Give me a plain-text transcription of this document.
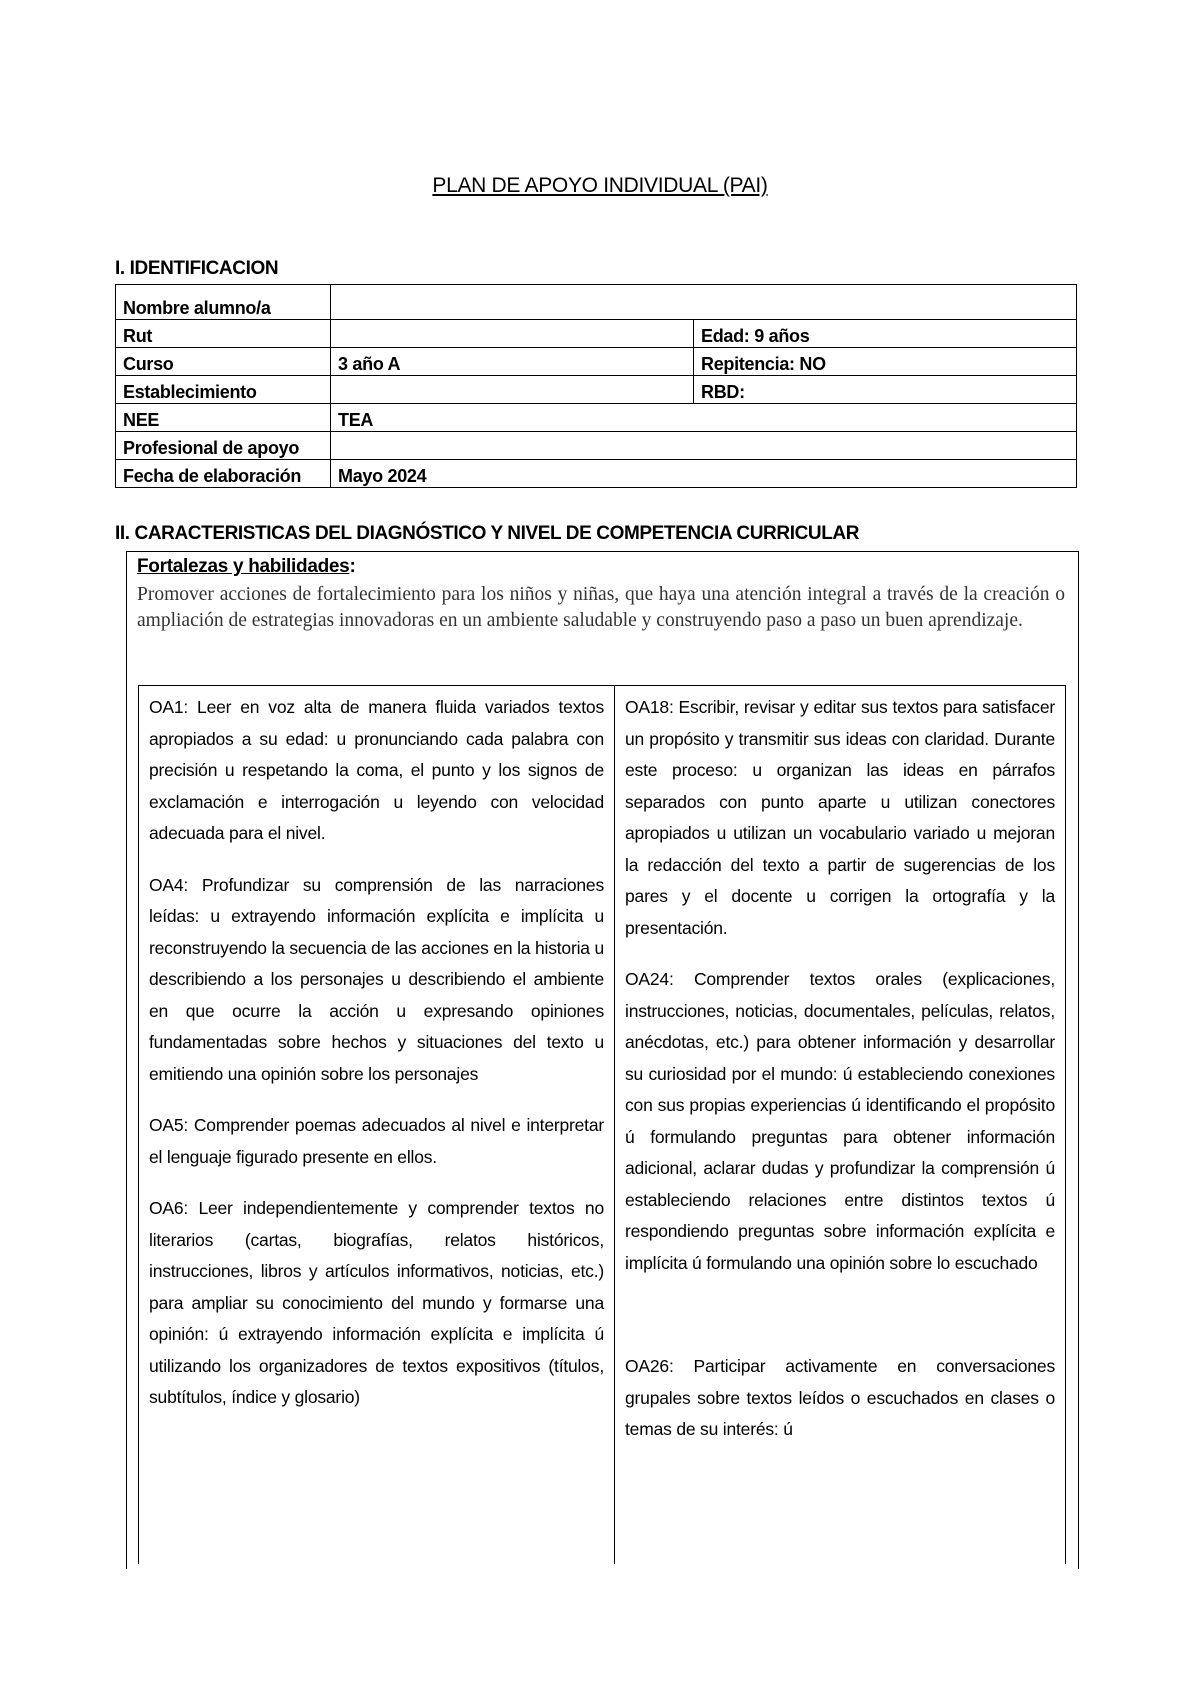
PLAN DE APOYO INDIVIDUAL (PAI)
I. IDENTIFICACION
Nombre alumno/a		
Rut		Edad: 9 años
Curso	3 año A	Repitencia: NO
Establecimiento		RBD:
NEE	TEA	
Profesional de apoyo		
Fecha de elaboración	Mayo 2024	
II. CARACTERISTICAS DEL DIAGNÓSTICO Y NIVEL DE COMPETENCIA CURRICULAR
Fortalezas y habilidades:
Promover acciones de fortalecimiento para los niños y niñas, que haya una atención integral a través de la creación o ampliación de estrategias innovadoras en un ambiente saludable y construyendo paso a paso un buen aprendizaje.

OA1: Leer en voz alta de manera fluida variados textos apropiados a su edad: u pronunciando cada palabra con precisión u respetando la coma, el punto y los signos de exclamación e interrogación u leyendo con velocidad adecuada para el nivel.

OA4: Profundizar su comprensión de las narraciones leídas: u extrayendo información explícita e implícita u reconstruyendo la secuencia de las acciones en la historia u describiendo a los personajes u describiendo el ambiente en que ocurre la acción u expresando opiniones fundamentadas sobre hechos y situaciones del texto u emitiendo una opinión sobre los personajes

OA5: Comprender poemas adecuados al nivel e interpretar el lenguaje figurado presente en ellos.

OA6: Leer independientemente y comprender textos no literarios (cartas, biografías, relatos históricos, instrucciones, libros y artículos informativos, noticias, etc.) para ampliar su conocimiento del mundo y formarse una opinión: ú extrayendo información explícita e implícita ú utilizando los organizadores de textos expositivos (títulos, subtítulos, índice y glosario)

OA18: Escribir, revisar y editar sus textos para satisfacer un propósito y transmitir sus ideas con claridad. Durante este proceso: u organizan las ideas en párrafos separados con punto aparte u utilizan conectores apropiados u utilizan un vocabulario variado u mejoran la redacción del texto a partir de sugerencias de los pares y el docente u corrigen la ortografía y la presentación.

OA24: Comprender textos orales (explicaciones, instrucciones, noticias, documentales, películas, relatos, anécdotas, etc.) para obtener información y desarrollar su curiosidad por el mundo: ú estableciendo conexiones con sus propias experiencias ú identificando el propósito ú formulando preguntas para obtener información adicional, aclarar dudas y profundizar la comprensión ú estableciendo relaciones entre distintos textos ú respondiendo preguntas sobre información explícita e implícita ú formulando una opinión sobre lo escuchado

OA26: Participar activamente en conversaciones grupales sobre textos leídos o escuchados en clases o temas de su interés: ú
